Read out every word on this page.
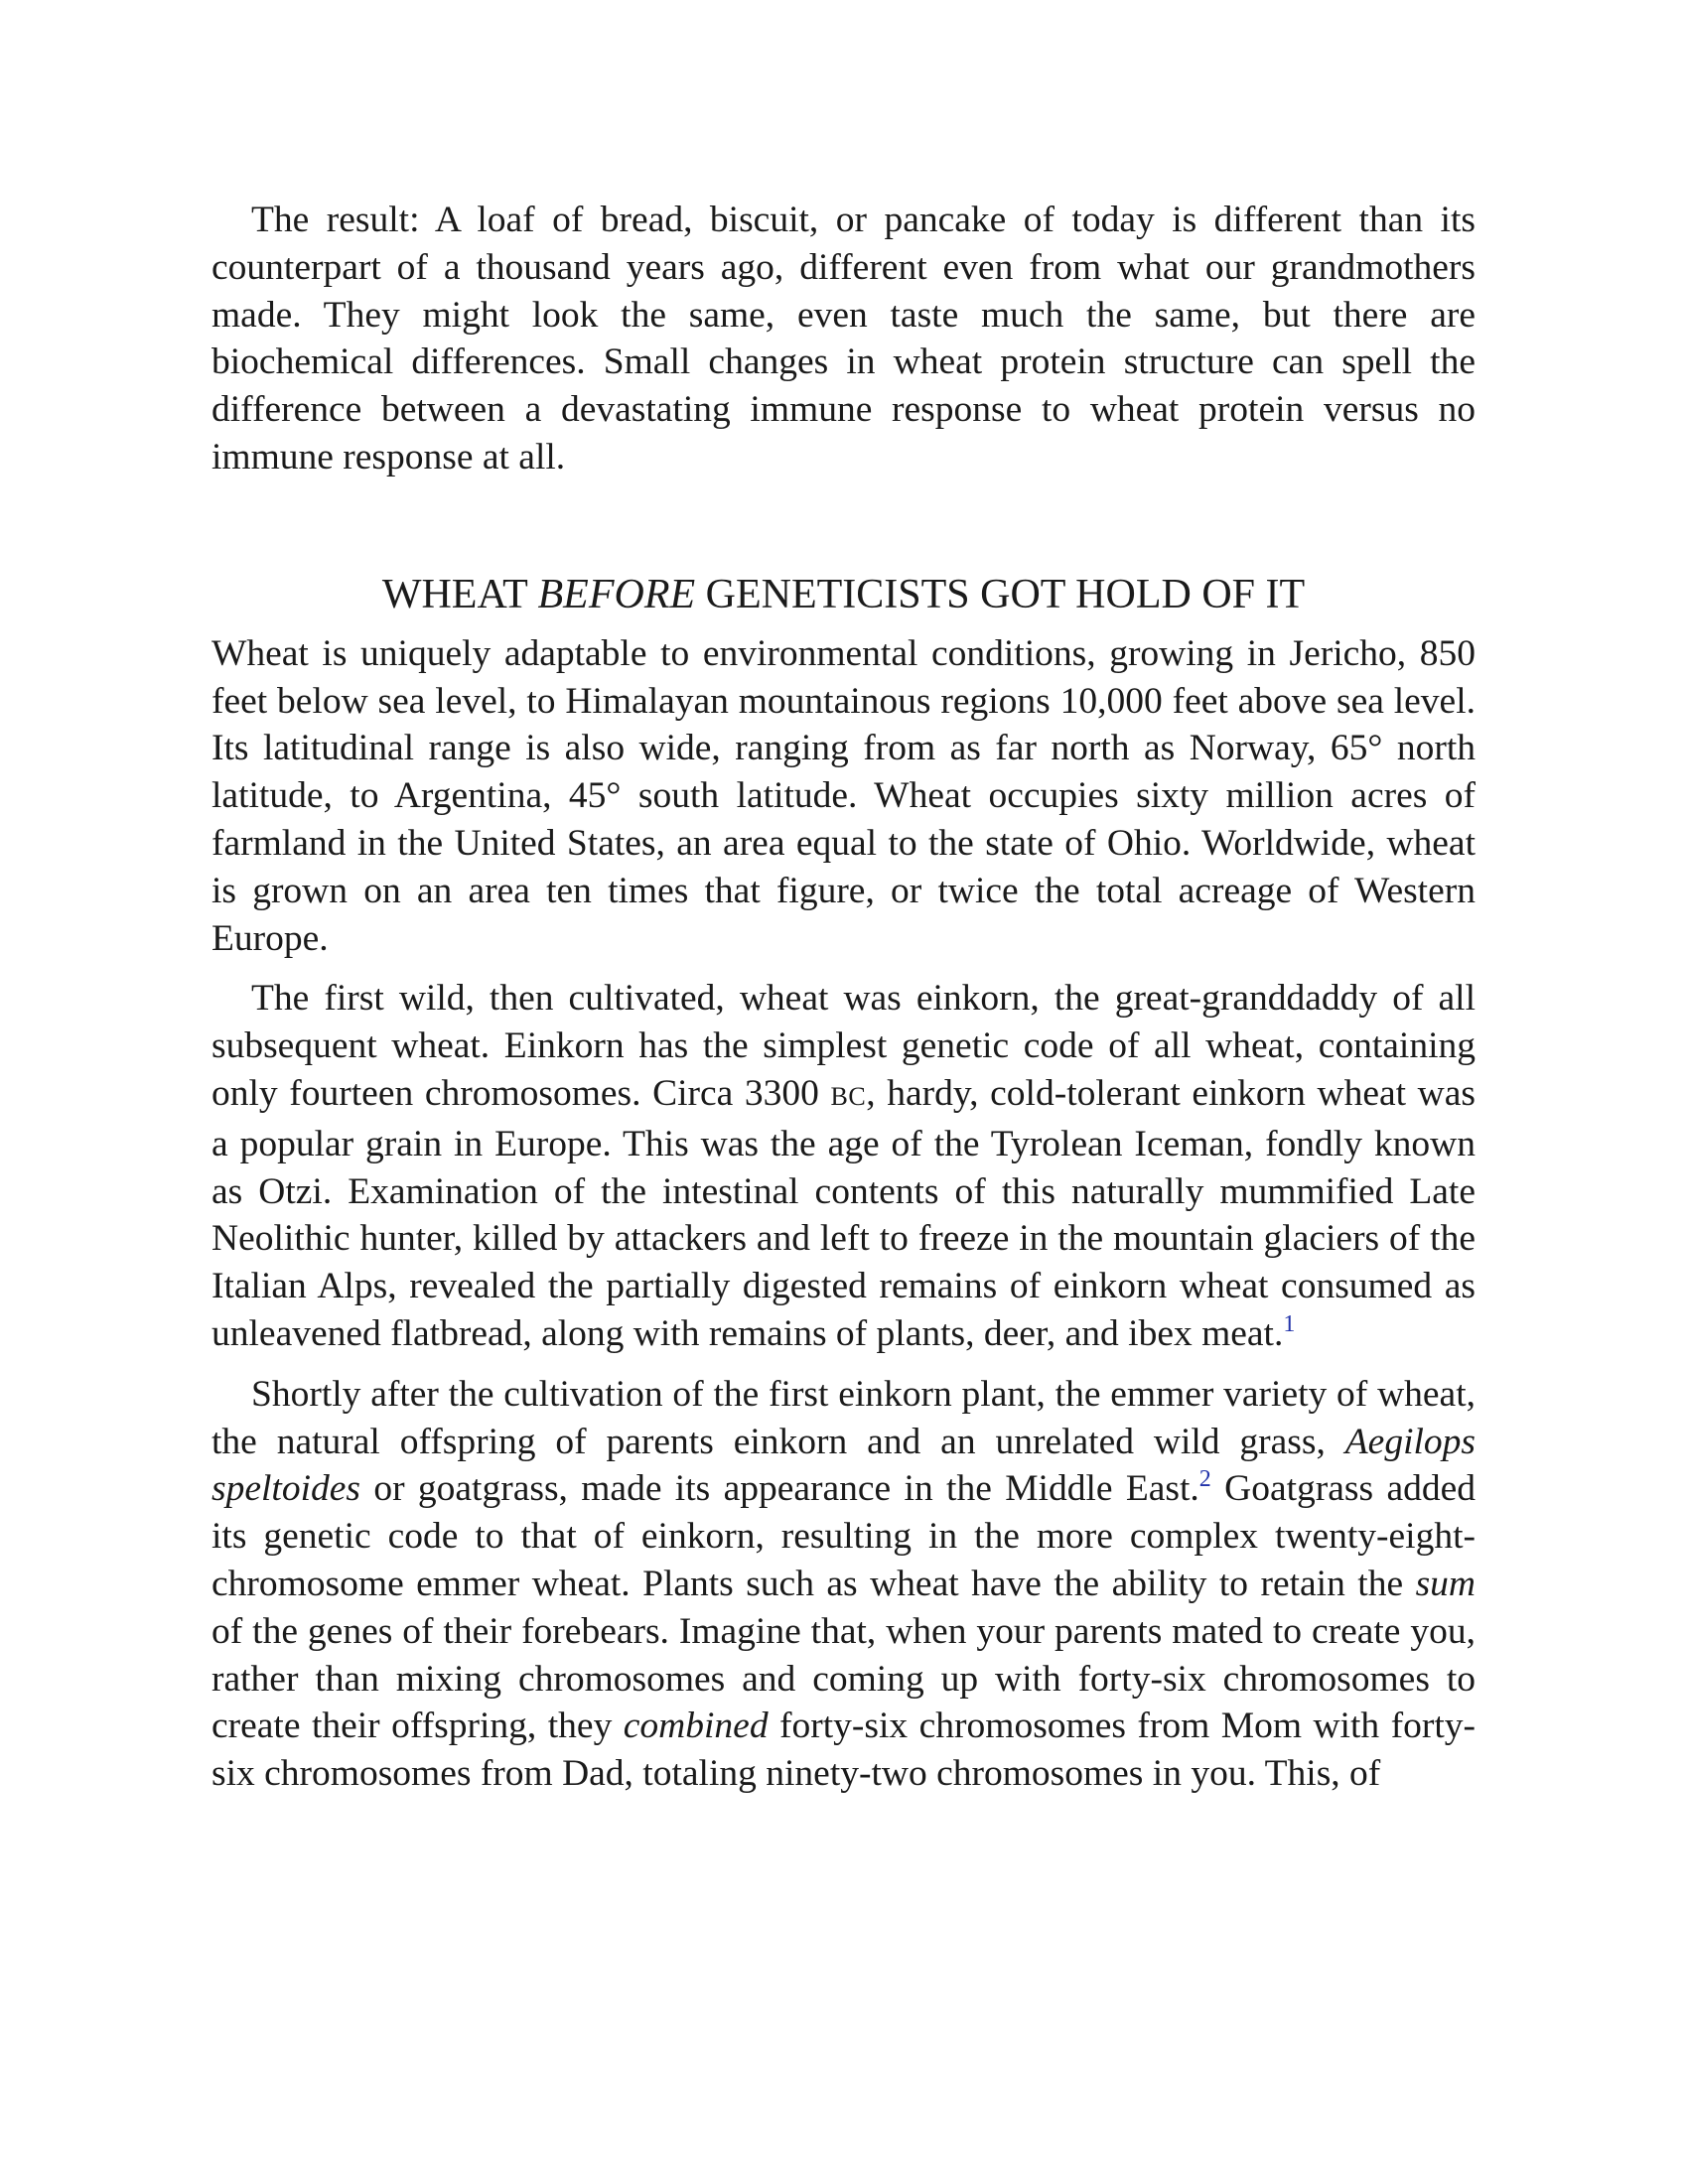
The result: A loaf of bread, biscuit, or pancake of today is different than its counterpart of a thousand years ago, different even from what our grandmothers made. They might look the same, even taste much the same, but there are biochemical differences. Small changes in wheat protein structure can spell the difference between a devastating immune response to wheat protein versus no immune response at all.

WHEAT BEFORE GENETICISTS GOT HOLD OF IT

Wheat is uniquely adaptable to environmental conditions, growing in Jericho, 850 feet below sea level, to Himalayan mountainous regions 10,000 feet above sea level. Its latitudinal range is also wide, ranging from as far north as Norway, 65° north latitude, to Argentina, 45° south latitude. Wheat occupies sixty million acres of farmland in the United States, an area equal to the state of Ohio. Worldwide, wheat is grown on an area ten times that figure, or twice the total acreage of Western Europe.

The first wild, then cultivated, wheat was einkorn, the great-granddaddy of all subsequent wheat. Einkorn has the simplest genetic code of all wheat, containing only fourteen chromosomes. Circa 3300 BC, hardy, cold-tolerant einkorn wheat was a popular grain in Europe. This was the age of the Tyrolean Iceman, fondly known as Otzi. Examination of the intestinal contents of this naturally mummified Late Neolithic hunter, killed by attackers and left to freeze in the mountain glaciers of the Italian Alps, revealed the partially digested remains of einkorn wheat consumed as unleavened flatbread, along with remains of plants, deer, and ibex meat.$^1$

Shortly after the cultivation of the first einkorn plant, the emmer variety of wheat, the natural offspring of parents einkorn and an unrelated wild grass, Aegilops speltoides or goatgrass, made its appearance in the Middle East.$^2$ Goatgrass added its genetic code to that of einkorn, resulting in the more complex twenty-eight-chromosome emmer wheat. Plants such as wheat have the ability to retain the sum of the genes of their forebears. Imagine that, when your parents mated to create you, rather than mixing chromosomes and coming up with forty-six chromosomes to create their offspring, they combined forty-six chromosomes from Mom with forty-six chromosomes from Dad, totaling ninety-two chromosomes in you. This, of
